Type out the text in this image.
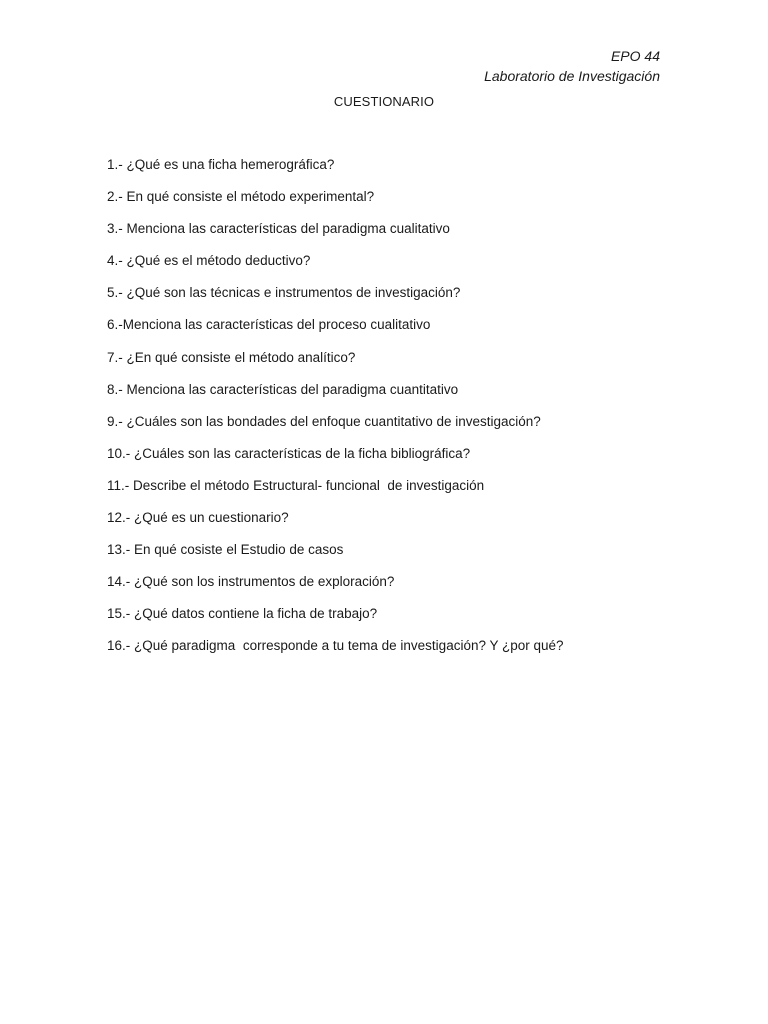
EPO 44
Laboratorio de Investigación
CUESTIONARIO
1.- ¿Qué es una ficha hemerográfica?
2.- En qué consiste el método experimental?
3.- Menciona las características del paradigma cualitativo
4.- ¿Qué es el método deductivo?
5.- ¿Qué son las técnicas e instrumentos de investigación?
6.-Menciona las características del proceso cualitativo
7.- ¿En qué consiste el método analítico?
8.- Menciona las características del paradigma cuantitativo
9.- ¿Cuáles son las bondades del enfoque cuantitativo de investigación?
10.- ¿Cuáles son las características de la ficha bibliográfica?
11.- Describe el método Estructural- funcional  de investigación
12.- ¿Qué es un cuestionario?
13.- En qué cosiste el Estudio de casos
14.- ¿Qué son los instrumentos de exploración?
15.- ¿Qué datos contiene la ficha de trabajo?
16.- ¿Qué paradigma  corresponde a tu tema de investigación? Y ¿por qué?
